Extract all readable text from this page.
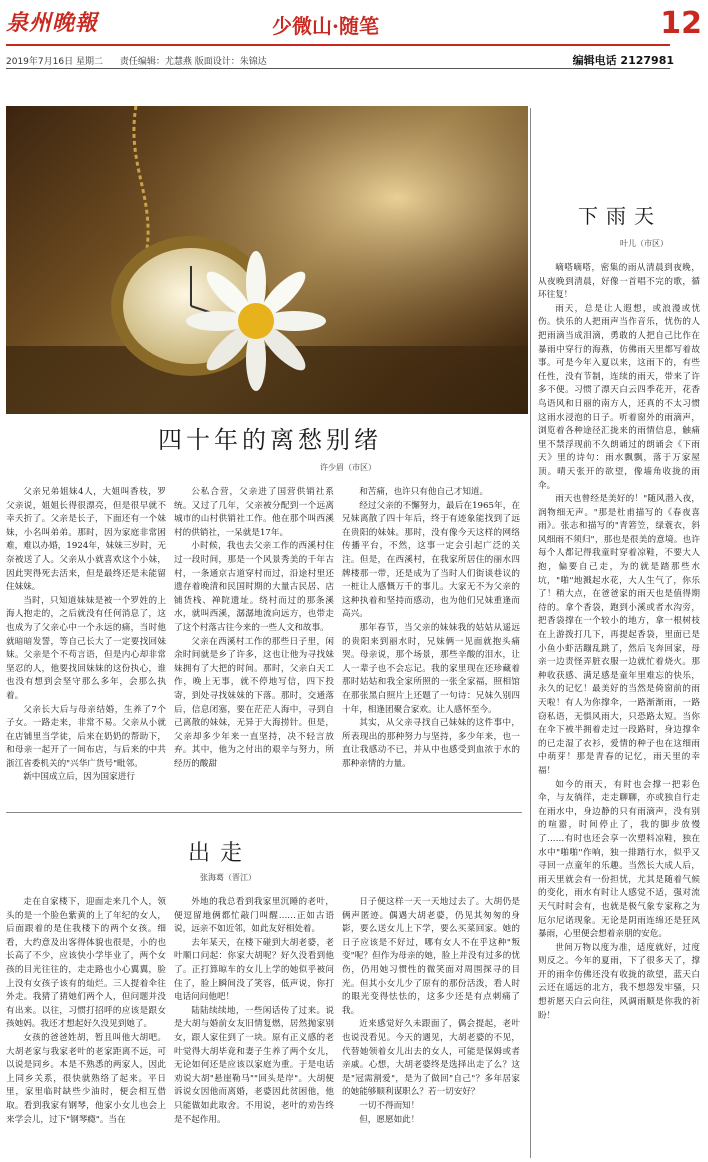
泉州晚報	少微山·随笔	12
2019年7月16日 星期二 责任编辑：尤慧燕 版面设计：朱锦达	编辑电话 2127981
四十年的离愁别绪
许少眉（市区）

父亲兄弟姐妹4人，大姐叫香枝，罗父亲说，姐姐长得很漂亮，但是很早就不幸夭折了。父亲是长子，下面还有一个妹妹，小名叫弟弟。那时，因为家庭非常困难，难以办婚，1924年，妹妹三岁时，无奈被送了人。父亲从小就喜欢这个小妹，因此哭得死去活来，但是最终还是未能留住妹妹。

当时，只知道妹妹是被一个罗姓的上海人抱走的，之后就没有任何消息了，这也成为了父亲心中一个永远的痛，当时他就暗暗发誓，等自己长大了一定要找回妹妹。父亲是个不苟言语，但是内心却非常坚忍的人，他要找回妹妹的这份执心，谁也没有想到会坚守那么多年，会那么执着。

父亲长大后与母亲结婚，生养了7个子女。一路走来，非常不易。父亲从小就在店铺里当学徒，后来在奶奶的帮助下，和母亲一起开了一间布店，与后来的中共浙江省委机关的"兴华广货号"毗邻。

新中国成立后，因为国家进行

公私合营，父亲进了国营供销社系统。又过了几年，父亲被分配到一个远离城市的山村供销社工作。他在那个叫西溪村的供销社，一呆就是17年。

小时候，我也去父亲工作的西溪村住过一段时间，那是一个风景秀美的千年古村，一条通京古道穿村而过，沿途村里还遗存着晚清和民国时期的大量古民居、店铺货栈、禅院遗址。绕村而过的那条溪水，就叫西溪，潺潺地流向远方，也带走了这个村落古往今来的一些人文和故事。

父亲在西溪村工作的那些日子里，闲余时间就是乡了许多，这也让他为寻找妹妹拥有了大把的时间。那时，父亲白天工作，晚上无事，就不停地写信，四下投寄，到处寻找妹妹的下落。那时，交通落后，信息闭塞，要在茫茫人海中，寻到自己离散的妹妹，无异于大海捞针。但是，父亲却多少年来一直坚持，决不轻言放弃。其中，他为之付出的艰辛与努力，所经历的酸甜

和苦痛，也许只有他自己才知道。

经过父亲的不懈努力，最后在1965年，在兄妹离散了四十年后，终于有迹象能找到了远在贵阳的妹妹。那时，没有像今天这样的网络传播平台，不然，这事一定会引起广泛的关注。但是，在西溪村，在我家所居住的丽水四牌楼那一带，还是成为了当时人们街谈巷议的一桩让人感慨万千的事儿。大家无不为父亲的这种执着和坚持而感动，也为他们兄妹重逢而高兴。

那年春节，当父亲的妹妹我的姑姑从遥远的贵阳来到丽水时，兄妹俩一见面就抱头痛哭。母亲说，那个场景，那些辛酸的泪水，让人一辈子也不会忘记。我的家里现在还珍藏着那时姑姑和我全家所照的一张全家福，照相馆在那张黑白照片上还题了一句诗：兄妹久别四十年，相逢团聚合家欢。让人感怀至今。

其实，从父亲寻找自己妹妹的这件事中，所表现出的那种努力与坚持，多少年来，也一直让我感动不已，并从中也感受到血浓于水的那种亲情的力量。

出走
张海葛（晋江）

走在自家楼下，迎面走来几个人，领头的是一个脸色紫黄的上了年纪的女人，后面跟着的是住我楼下的两个女孩。细看，大约意及出客得体貌也很是，小的也长高了不少，应该快小学毕业了，两个女孩的目光往往的，走走路也小心翼翼，脸上没有女孩子该有的灿烂。三人提着伞往外走。我猜了猜她们两个人，但问题并没有出来。以往，习惯打招呼的应该是跟女孩她妈。我还才想起好久没见到她了。

女孩的爸爸姓胡，暂且叫他大胡吧。大胡老家与我家老叶的老家距离不远，可以说是同乡。本是不熟悉的两家人，因此上同乡关系，很快就熟络了起来。平日里，家里临时缺些少油时，便会相互借取。看到我家有钢琴，他家小女儿也会上来学会儿，过下"钢琴瘾"。当在

外地的我总看到我家里沉睡的老叶，便逗留地俩都忙敲门叫醒……正如古语说，远亲不如近邻，如此友好相处着。

去年某天，在楼下碰到大胡老婆，老叶顺口问起：你家大胡呢？好久没看到他了。正打算晾车的女儿上学的她似乎被问住了，脸上瞬间没了笑容，低声说，你打电话问问他吧！

陆陆续续地，一些闲话传了过来。说是大胡与婚前女友旧情复燃，居然抛家别女，跟人家住到了一块。原有正义感的老叶觉得大胡毕竟和妻子生养了两个女儿，无论如何还是应该以家庭为重。于是电话劝说大胡"悬崖勒马""回头是岸"。大胡便诉说女因他而离婚，老婆因此贫困他，他只能做如此取舍。不用说，老叶的劝告终是不起作用。

日子便这样一天一天地过去了。大胡仍是俩声匿迹。偶遇大胡老婆，仍见其匆匆的身影，要么送女儿上下学，要么买菜回家。她的日子应该是不好过，哪有女人不在乎这种"叛变"呢？但作为母亲的她，脸上并没有过多的忧伤，仍用她习惯性的微笑面对周围探寻的目光。但其小女儿少了原有的那份活泼，看人时的眼光变得怯怯的，这多少还是有点刺痛了我。

近来感觉好久未跟面了，偶会提起，老叶也说没看见。今天的遇见，大胡老婆的不见，代替她领着女儿出去的女人，可能是保姆或者亲戚。心想，大胡老婆终是选择出走了么？这是"冠需割爱"，是为了做回"自己"？多年居家的她能够顺利谋职么？若一切安好？

一切不得而知！

但，愿愿如此！

下雨天
叶儿（市区）

嘀嗒嘀嗒，密集的雨从清晨到夜晚，从夜晚到清晨，好像一首唱不完的歌，循环往复！

雨天，总是让人遐想，或浪漫或忧伤。快乐的人把雨声当作音乐，忧伤的人把雨滴当成泪滴，勇敢的人把自己比作在暴雨中穿行的海燕，仿佛雨天里都写着故事。可是今年入夏以来，这雨下的，有些任性，没有节制，连续的雨天，带来了许多不便。习惯了漂天白云四季花开，花香鸟语风和日丽的南方人，还真的不太习惯这雨水浸泡的日子。听着窗外的雨滴声，浏览着各种途径汇拢来的雨情信息，触痛里不禁浮现前不久朗诵过的朗诵会《下雨天》里的诗句：雨水飘飘，落于万家屋顶。晴天张开的欲望，像墙角收拢的雨伞。

雨天也曾经是美好的！"随风潜入夜，润物细无声。"那是杜甫描写的《春夜喜雨》。张志和描写的"青箬笠，绿蓑衣，斜风细雨不须归"，那也是很美的意境。也许每个人都记得我童时穿着凉鞋，不要大人抱，偏要自己走，为的就是踏那些水坑，"啪"地溅起水花，大人生气了，你乐了！稍大点，在爸爸家的雨天也是值得期待的。拿个香袋，跑到小溪或者水沟旁，把香袋撑在一个较小的地方，拿一根树枝在上游拨打几下，再提起香袋，里面已是小鱼小虾活蹦乱跳了，然后飞奔回家，母亲一边责怪弄脏衣服一边就忙着烧火。那种收获感、满足感是童年里难忘的快乐，永久的记忆！最美好的当然是倚窗前的雨天啦！有人为你撑伞，一路渐渐雨，一路窃私语，无惧风雨大，只恐路太短。当你在伞下被半拥着走过一段路时，身边撑伞的已走湿了衣衫，爱情的种子也在这细雨中萌芽！那是青春的记忆，雨天里的幸福！

如今的雨天，有时也会撑一把彩色伞，与友徜徉，走走聊聊，亦或独自行走在雨水中，身边静的只有雨滴声，没有别的喧嚣，时间停止了，我的脚步放慢了……有时也还会享一次塑料凉鞋，独在水中"啪啪"作响，独一排踏行水，似乎又寻回一点童年的乐趣。当然长大成人后，雨天里就会有一份担忧，尤其是随着气候的变化，雨水有时让人感觉不适，强对流天气时时会有，也就是极气象专家称之为厄尔尼诺现象。无论是阴雨连绵还是狂风暴雨，心里便会想着亲朋的安危。

世间万物以度为准，适度就好，过度则反之。今年的夏雨，下了很多天了，撑开的雨伞仿佛还没有收拢的欲望，蓝天白云还在遥远的北方，我不想怨发牢骚，只想祈愿天白云向往，风调雨顺是你我的祈盼！
